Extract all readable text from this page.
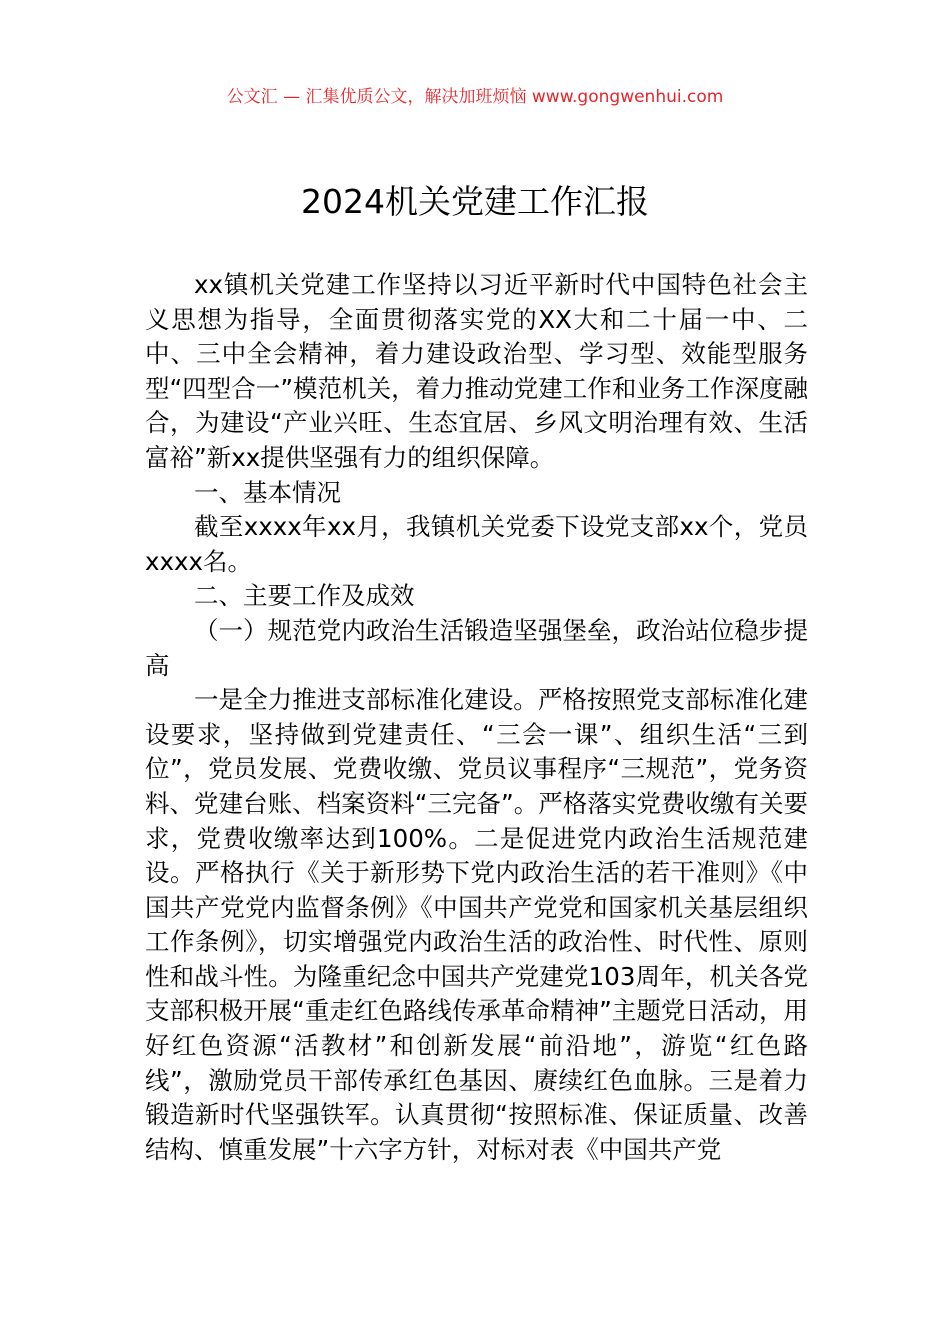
公文汇 — 汇集优质公文，解决加班烦恼 www.gongwenhui.com
2024机关党建工作汇报

xx镇机关党建工作坚持以习近平新时代中国特色社会主义思想为指导，全面贯彻落实党的XX大和二十届一中、二中、三中全会精神，着力建设政治型、学习型、效能型服务型“四型合一”模范机关，着力推动党建工作和业务工作深度融合，为建设“产业兴旺、生态宜居、乡风文明治理有效、生活富裕”新xx提供坚强有力的组织保障。

一、基本情况

截至xxxx年xx月，我镇机关党委下设党支部xx个，党员xxxx名。

二、主要工作及成效

（一）规范党内政治生活锻造坚强堡垒，政治站位稳步提高

一是全力推进支部标准化建设。严格按照党支部标准化建设要求，坚持做到党建责任、“三会一课”、组织生活“三到位”，党员发展、党费收缴、党员议事程序“三规范”，党务资料、党建台账、档案资料“三完备”。严格落实党费收缴有关要求，党费收缴率达到100%。二是促进党内政治生活规范建设。严格执行《关于新形势下党内政治生活的若干准则》《中国共产党党内监督条例》《中国共产党党和国家机关基层组织工作条例》，切实增强党内政治生活的政治性、时代性、原则性和战斗性。为隆重纪念中国共产党建党103周年，机关各党支部积极开展“重走红色路线传承革命精神”主题党日活动，用好红色资源“活教材”和创新发展“前沿地”，游览“红色路线”，激励党员干部传承红色基因、赓续红色血脉。三是着力锻造新时代坚强铁军。认真贯彻“按照标准、保证质量、改善结构、慎重发展”十六字方针，对标对表《中国共产党
